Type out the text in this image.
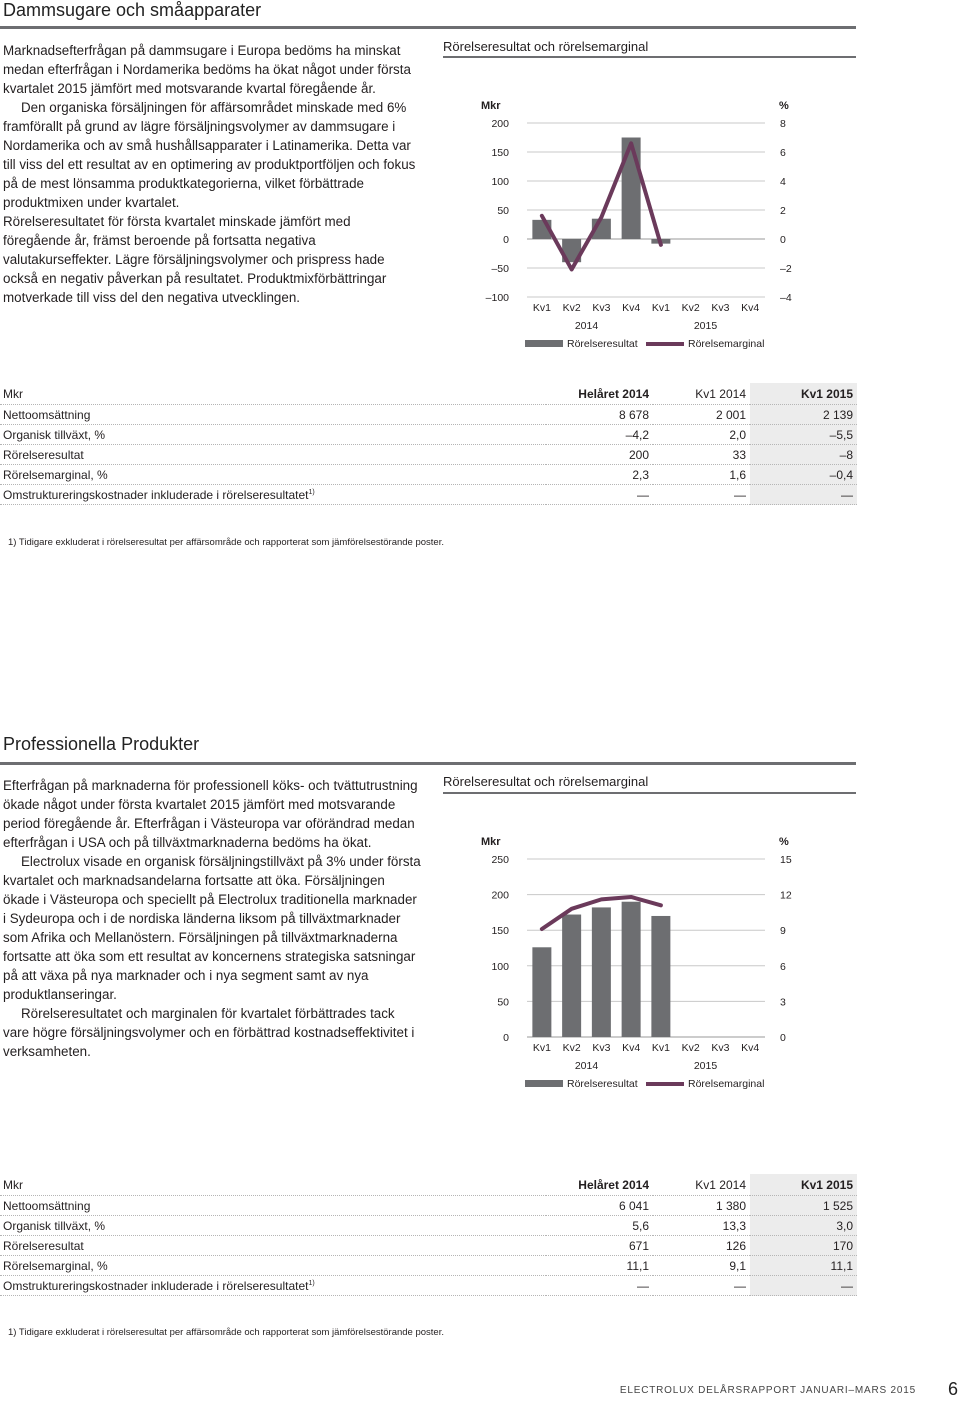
Dammsugare och småapparater

Marknadsefterfrågan på dammsugare i Europa bedöms ha minskat medan efterfrågan i Nordamerika bedöms ha ökat något under första kvartalet 2015 jämfört med motsvarande kvartal föregående år.

Den organiska försäljningen för affärsområdet minskade med 6% framförallt på grund av lägre försäljningsvolymer av dammsugare i Nordamerika och av små hushållsapparater i Latinamerika. Detta var till viss del ett resultat av en optimering av produktportföljen och fokus på de mest lönsamma produktkategorierna, vilket förbättrade produktmixen under kvartalet.

Rörelseresultatet för första kvartalet minskade jämfört med föregående år, främst beroende på fortsatta negativa valutakurseffekter. Lägre försäljningsvolymer och prispress hade också en negativ påverkan på resultatet. Produktmixförbättringar motverkade till viss del den negativa utvecklingen.

Rörelseresultat och rörelsemarginal
Mkr	%
200	8
150	6
100	4
50	2
0	0
–50	–2
–100	–4
Kv1 Kv2 Kv3 Kv4 Kv1 Kv2 Kv3 Kv4
2014	2015
Rörelseresultat	Rörelsemarginal
Mkr	Helåret 2014	Kv1 2014	Kv1 2015
Nettoomsättning	8 678	2 001	2 139
Organisk tillväxt, %	–4,2	2,0	–5,5
Rörelseresultat	200	33	–8
Rörelsemarginal, %	2,3	1,6	–0,4
Omstruktureringskostnader inkluderade i rörelseresultatet$^{1)}$	—	—	—
1) Tidigare exkluderat i rörelseresultat per affärsområde och rapporterat som jämförelsestörande poster.
Professionella Produkter

Efterfrågan på marknaderna för professionell köks- och tvättutrustning ökade något under första kvartalet 2015 jämfört med motsvarande period föregående år. Efterfrågan i Västeuropa var oförändrad medan efterfrågan i USA och på tillväxtmarknaderna bedöms ha ökat.

Electrolux visade en organisk försäljningstillväxt på 3% under första kvartalet och marknadsandelarna fortsatte att öka. Försäljningen ökade i Västeuropa och speciellt på Electrolux traditionella marknader i Sydeuropa och i de nordiska länderna liksom på tillväxtmarknader som Afrika och Mellanöstern. Försäljningen på tillväxtmarknaderna fortsatte att öka som ett resultat av koncernens strategiska satsningar på att växa på nya marknader och i nya segment samt av nya produktlanseringar.

Rörelseresultatet och marginalen för kvartalet förbättrades tack vare högre försäljningsvolymer och en förbättrad kostnadseffektivitet i verksamheten.

Rörelseresultat och rörelsemarginal
Mkr	%
250	15
200	12
150	9
100	6
50	3
0	0
Kv1 Kv2 Kv3 Kv4 Kv1 Kv2 Kv3 Kv4
2014	2015
Rörelseresultat	Rörelsemarginal
Mkr	Helåret 2014	Kv1 2014	Kv1 2015
Nettoomsättning	6 041	1 380	1 525
Organisk tillväxt, %	5,6	13,3	3,0
Rörelseresultat	671	126	170
Rörelsemarginal, %	11,1	9,1	11,1
Omstruktureringskostnader inkluderade i rörelseresultatet$^{1)}$	—	—	—
1) Tidigare exkluderat i rörelseresultat per affärsområde och rapporterat som jämförelsestörande poster.
ELECTROLUX DELÅRSRAPPORT JANUARI–MARS 2015 6
